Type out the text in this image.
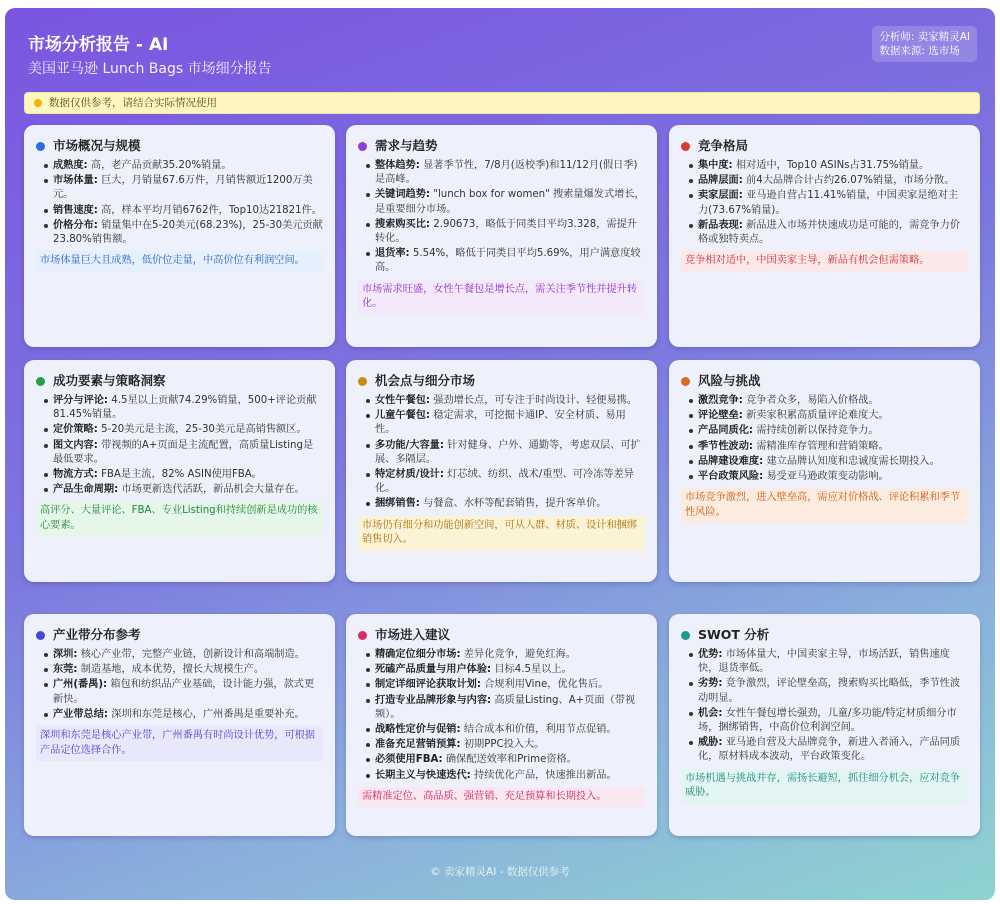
市场分析报告 - AI
美国亚马逊 Lunch Bags 市场细分报告
分析师: 卖家精灵AI
数据来源: 选市场
数据仅供参考，请结合实际情况使用
市场概况与规模
成熟度: 高，老产品贡献35.20%销量。
市场体量: 巨大，月销量67.6万件，月销售额近1200万美元。
销售速度: 高，样本平均月销6762件，Top10达21821件。
价格分布: 销量集中在5-20美元(68.23%)，25-30美元贡献23.80%销售额。
市场体量巨大且成熟，低价位走量，中高价位有利润空间。
需求与趋势
整体趋势: 显著季节性，7/8月(返校季)和11/12月(假日季)是高峰。
关键词趋势: "lunch box for women" 搜索量爆发式增长，是重要细分市场。
搜索购买比: 2.90673，略低于同类目平均3.328，需提升转化。
退货率: 5.54%，略低于同类目平均5.69%，用户满意度较高。
市场需求旺盛，女性午餐包是增长点，需关注季节性并提升转化。
竞争格局
集中度: 相对适中，Top10 ASINs占31.75%销量。
品牌层面: 前4大品牌合计占约26.07%销量，市场分散。
卖家层面: 亚马逊自营占11.41%销量，中国卖家是绝对主力(73.67%销量)。
新品表现: 新品进入市场并快速成功是可能的，需竞争力价格或独特卖点。
竞争相对适中，中国卖家主导，新品有机会但需策略。
成功要素与策略洞察
评分与评论: 4.5星以上贡献74.29%销量，500+评论贡献81.45%销量。
定价策略: 5-20美元是主流，25-30美元是高销售额区。
图文内容: 带视频的A+页面是主流配置，高质量Listing是最低要求。
物流方式: FBA是主流，82% ASIN使用FBA。
产品生命周期: 市场更新迭代活跃，新品机会大量存在。
高评分、大量评论、FBA、专业Listing和持续创新是成功的核心要素。
机会点与细分市场
女性午餐包: 强劲增长点，可专注于时尚设计、轻便易携。
儿童午餐包: 稳定需求，可挖掘卡通IP、安全材质、易用性。
多功能/大容量: 针对健身、户外、通勤等，考虑双层、可扩展、多隔层。
特定材质/设计: 灯芯绒、纺织、战术/重型、可冷冻等差异化。
捆绑销售: 与餐盒、水杯等配套销售，提升客单价。
市场仍有细分和功能创新空间，可从人群、材质、设计和捆绑销售切入。
风险与挑战
激烈竞争: 竞争者众多，易陷入价格战。
评论壁垒: 新卖家积累高质量评论难度大。
产品同质化: 需持续创新以保持竞争力。
季节性波动: 需精准库存管理和营销策略。
品牌建设难度: 建立品牌认知度和忠诚度需长期投入。
平台政策风险: 易受亚马逊政策变动影响。
市场竞争激烈，进入壁垒高，需应对价格战、评论积累和季节性风险。
产业带分布参考
深圳: 核心产业带，完整产业链，创新设计和高端制造。
东莞: 制造基地，成本优势，擅长大规模生产。
广州(番禺): 箱包和纺织品产业基础，设计能力强，款式更新快。
产业带总结: 深圳和东莞是核心，广州番禺是重要补充。
深圳和东莞是核心产业带，广州番禺有时尚设计优势，可根据产品定位选择合作。
市场进入建议
精确定位细分市场: 差异化竞争，避免红海。
死磕产品质量与用户体验: 目标4.5星以上。
制定详细评论获取计划: 合规利用Vine，优化售后。
打造专业品牌形象与内容: 高质量Listing、A+页面（带视频）。
战略性定价与促销: 结合成本和价值，利用节点促销。
准备充足营销预算: 初期PPC投入大。
必须使用FBA: 确保配送效率和Prime资格。
长期主义与快速迭代: 持续优化产品，快速推出新品。
需精准定位、高品质、强营销、充足预算和长期投入。
SWOT 分析
优势: 市场体量大，中国卖家主导，市场活跃，销售速度快，退货率低。
劣势: 竞争激烈，评论壁垒高，搜索购买比略低，季节性波动明显。
机会: 女性午餐包增长强劲，儿童/多功能/特定材质细分市场，捆绑销售，中高价位利润空间。
威胁: 亚马逊自营及大品牌竞争，新进入者涌入，产品同质化，原材料成本波动，平台政策变化。
市场机遇与挑战并存，需扬长避短，抓住细分机会，应对竞争威胁。
© 卖家精灵AI - 数据仅供参考
